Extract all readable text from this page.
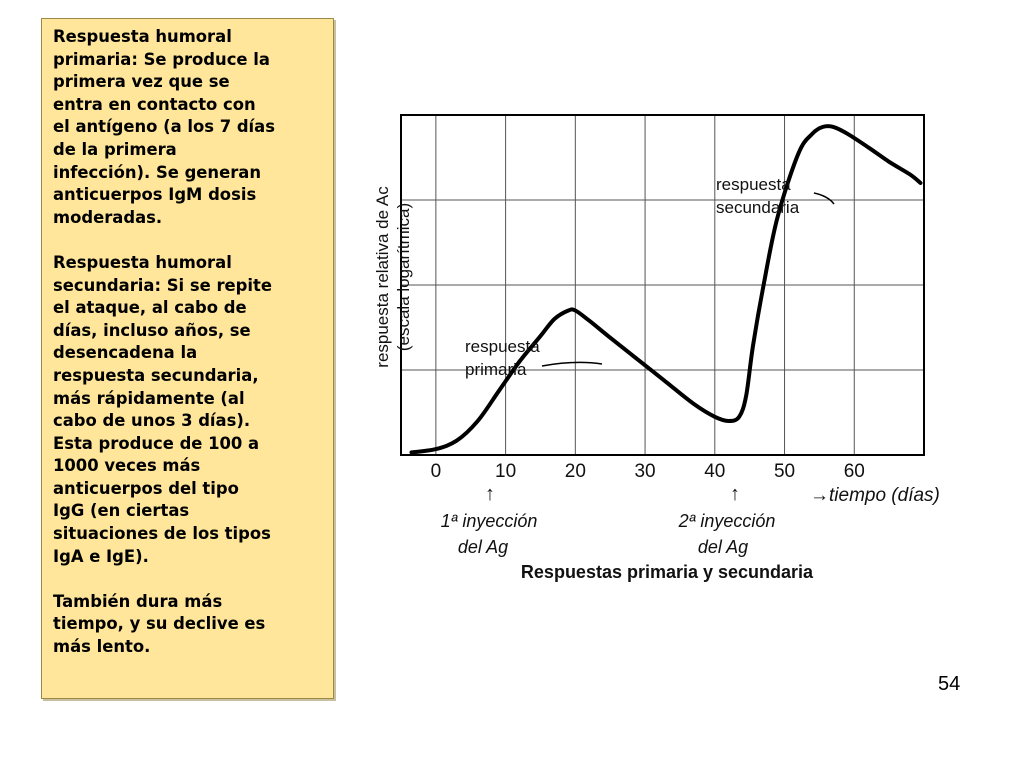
Respuesta humoral
primaria: Se produce la
primera vez que se
entra en contacto con
el antígeno (a los 7 días
de la primera
infección). Se generan
anticuerpos IgM dosis
moderadas.

Respuesta humoral
secundaria: Si se repite
el ataque, al cabo de
días, incluso años, se
desencadena la
respuesta secundaria,
más rápidamente (al
cabo de unos 3 días).
Esta produce de 100 a
1000 veces más
anticuerpos del tipo
IgG (en ciertas
situaciones de los tipos
IgA e IgE).

También dura más
tiempo, y su declive es
más lento.

0	10	20	30	40	50	60
respuesta relativa de Ac (escala logarítmica)
→tiempo (días)
Respuestas primaria y secundaria
respuesta
primaria
respuesta
secundaria
↑
1ª inyección
del Ag
↑
2ª inyección
del Ag
54
